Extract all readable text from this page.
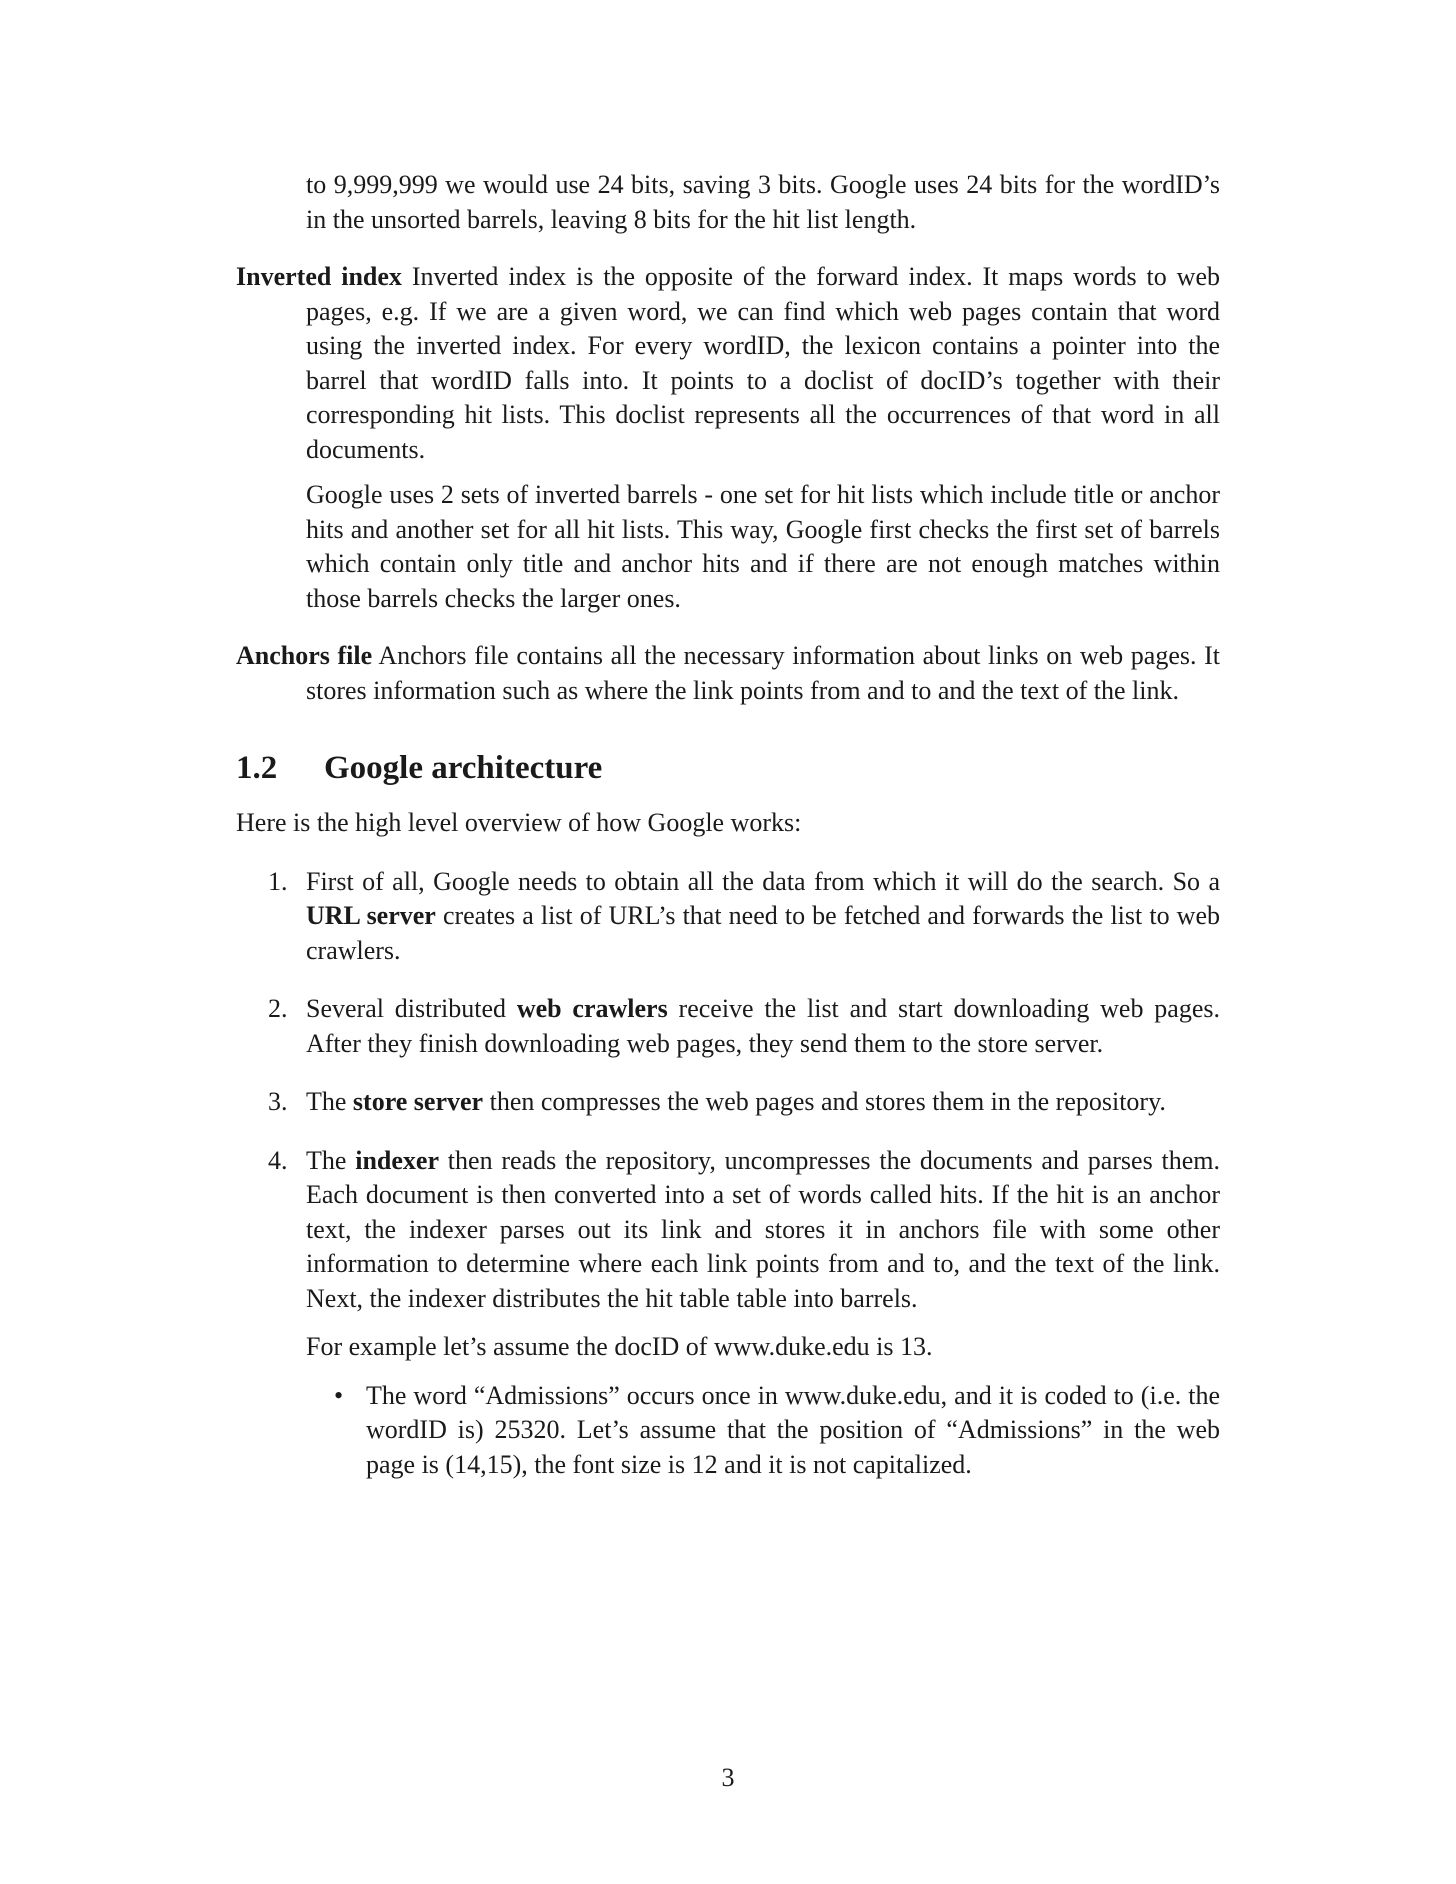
to 9,999,999 we would use 24 bits, saving 3 bits. Google uses 24 bits for the wordID’s in the unsorted barrels, leaving 8 bits for the hit list length.
Inverted index Inverted index is the opposite of the forward index. It maps words to web pages, e.g. If we are a given word, we can find which web pages contain that word using the inverted index. For every wordID, the lexicon contains a pointer into the barrel that wordID falls into. It points to a doclist of docID’s together with their corresponding hit lists. This doclist represents all the occurrences of that word in all documents.
Google uses 2 sets of inverted barrels - one set for hit lists which include title or anchor hits and another set for all hit lists. This way, Google first checks the first set of barrels which contain only title and anchor hits and if there are not enough matches within those barrels checks the larger ones.
Anchors file Anchors file contains all the necessary information about links on web pages. It stores information such as where the link points from and to and the text of the link.
1.2 Google architecture
Here is the high level overview of how Google works:
1. First of all, Google needs to obtain all the data from which it will do the search. So a URL server creates a list of URL’s that need to be fetched and forwards the list to web crawlers.
2. Several distributed web crawlers receive the list and start downloading web pages. After they finish downloading web pages, they send them to the store server.
3. The store server then compresses the web pages and stores them in the repository.
4. The indexer then reads the repository, uncompresses the documents and parses them. Each document is then converted into a set of words called hits. If the hit is an anchor text, the indexer parses out its link and stores it in anchors file with some other information to determine where each link points from and to, and the text of the link. Next, the indexer distributes the hit table table into barrels.
For example let’s assume the docID of www.duke.edu is 13.
• The word “Admissions” occurs once in www.duke.edu, and it is coded to (i.e. the wordID is) 25320. Let’s assume that the position of “Admissions” in the web page is (14,15), the font size is 12 and it is not capitalized.
3
